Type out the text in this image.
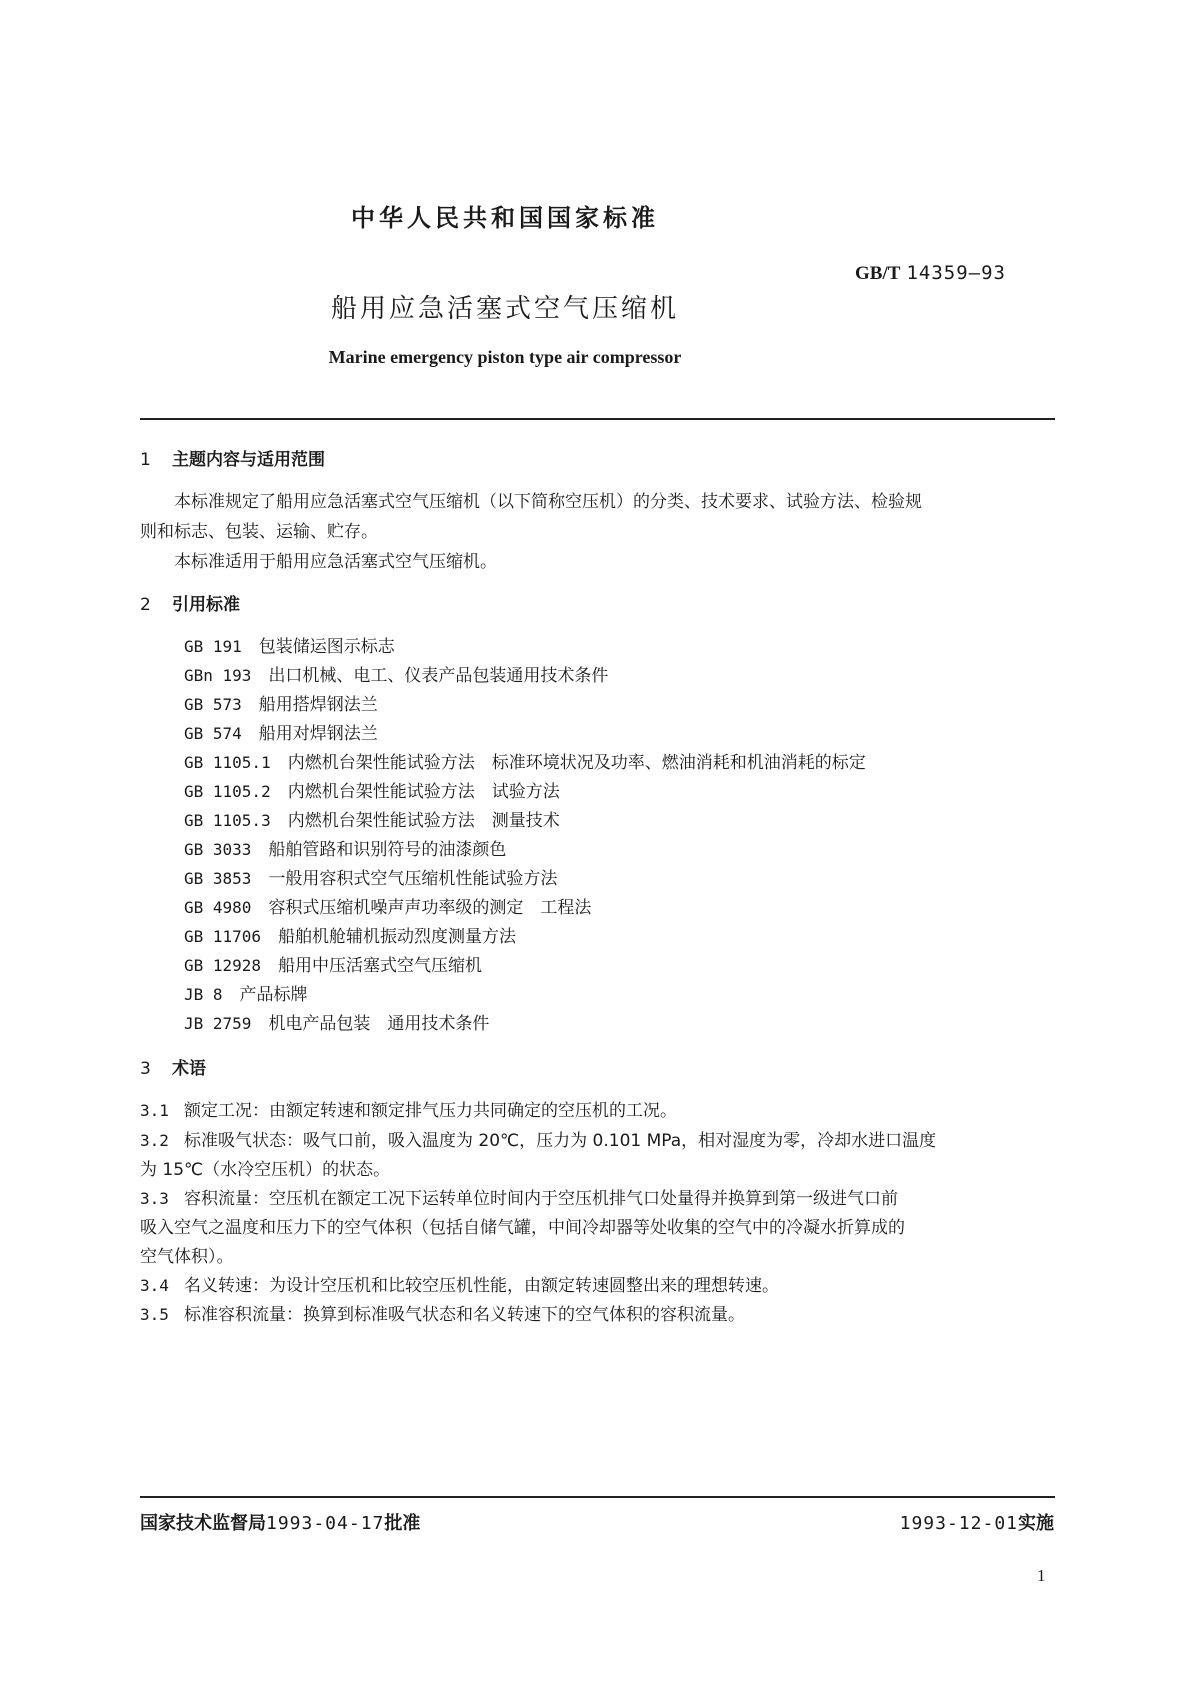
中华人民共和国国家标准
GB/T 14359—93
船用应急活塞式空气压缩机
Marine emergency piston type air compressor
1 主题内容与适用范围
本标准规定了船用应急活塞式空气压缩机（以下简称空压机）的分类、技术要求、试验方法、检验规
则和标志、包装、运输、贮存。
本标准适用于船用应急活塞式空气压缩机。
2 引用标准
GB 191　 包装储运图示标志
GBn 193　 出口机械、电工、仪表产品包装通用技术条件
GB 573　 船用搭焊钢法兰
GB 574　 船用对焊钢法兰
GB 1105.1　 内燃机台架性能试验方法　标准环境状况及功率、燃油消耗和机油消耗的标定
GB 1105.2　 内燃机台架性能试验方法　试验方法
GB 1105.3　 内燃机台架性能试验方法　测量技术
GB 3033　 船舶管路和识别符号的油漆颜色
GB 3853　 一般用容积式空气压缩机性能试验方法
GB 4980　 容积式压缩机噪声声功率级的测定　工程法
GB 11706　 船舶机舱辅机振动烈度测量方法
GB 12928　 船用中压活塞式空气压缩机
JB 8　 产品标牌
JB 2759　 机电产品包装　通用技术条件
3 术语
3.1 额定工况：由额定转速和额定排气压力共同确定的空压机的工况。
3.2 标准吸气状态：吸气口前，吸入温度为 20℃，压力为 0.101 MPa，相对湿度为零，冷却水进口温度
为 15℃（水冷空压机）的状态。
3.3 容积流量：空压机在额定工况下运转单位时间内于空压机排气口处量得并换算到第一级进气口前
吸入空气之温度和压力下的空气体积（包括自储气罐，中间冷却器等处收集的空气中的冷凝水折算成的
空气体积）。
3.4 名义转速：为设计空压机和比较空压机性能，由额定转速圆整出来的理想转速。
3.5 标准容积流量：换算到标准吸气状态和名义转速下的空气体积的容积流量。
国家技术监督局1993-04-17批准	1993-12-01实施
1
